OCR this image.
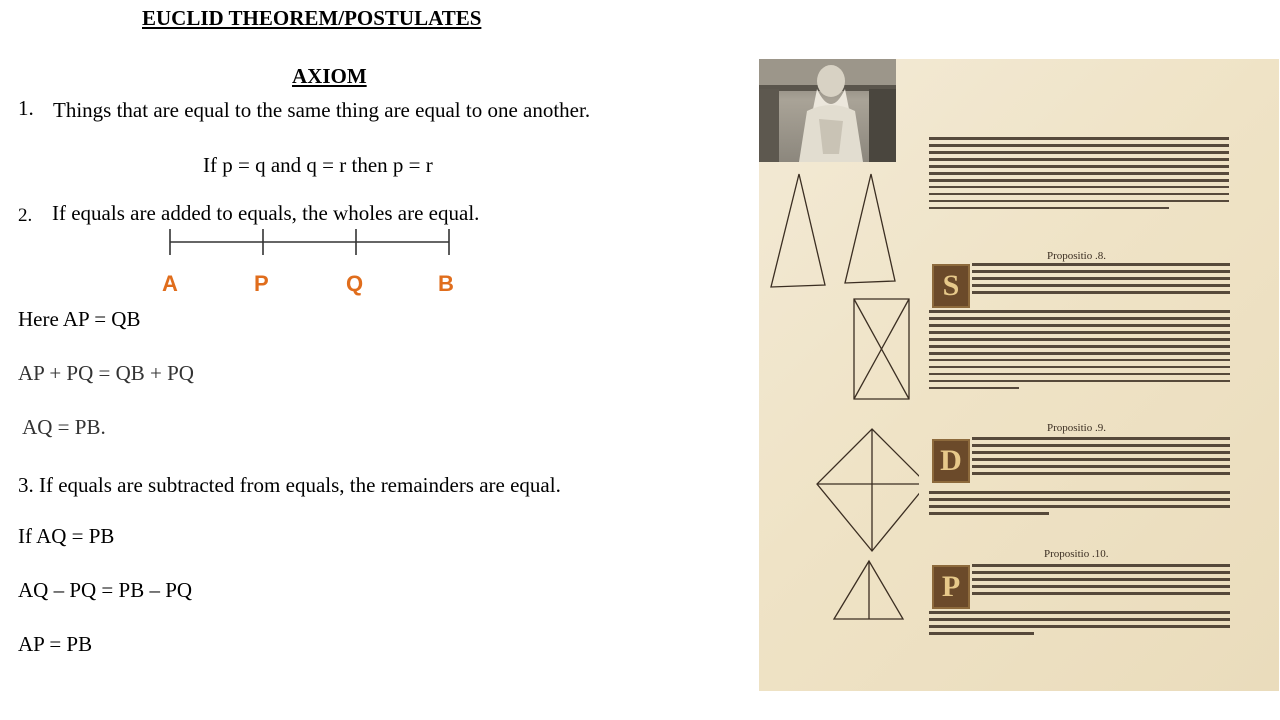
EUCLID THEOREM/POSTULATES
AXIOM
1. Things that are equal to the same thing are equal to one another.
If p = q and q = r then p = r
2. If equals are added to equals, the wholes are equal.
A	P	Q	B
Here AP = QB
AP + PQ = QB + PQ
AQ = PB.
3. If equals are subtracted from equals, the remainders are equal.
If AQ = PB
AQ – PQ = PB – PQ
AP = PB
Propositio .8.
S
Propositio .9.
D
Propositio .10.
P
